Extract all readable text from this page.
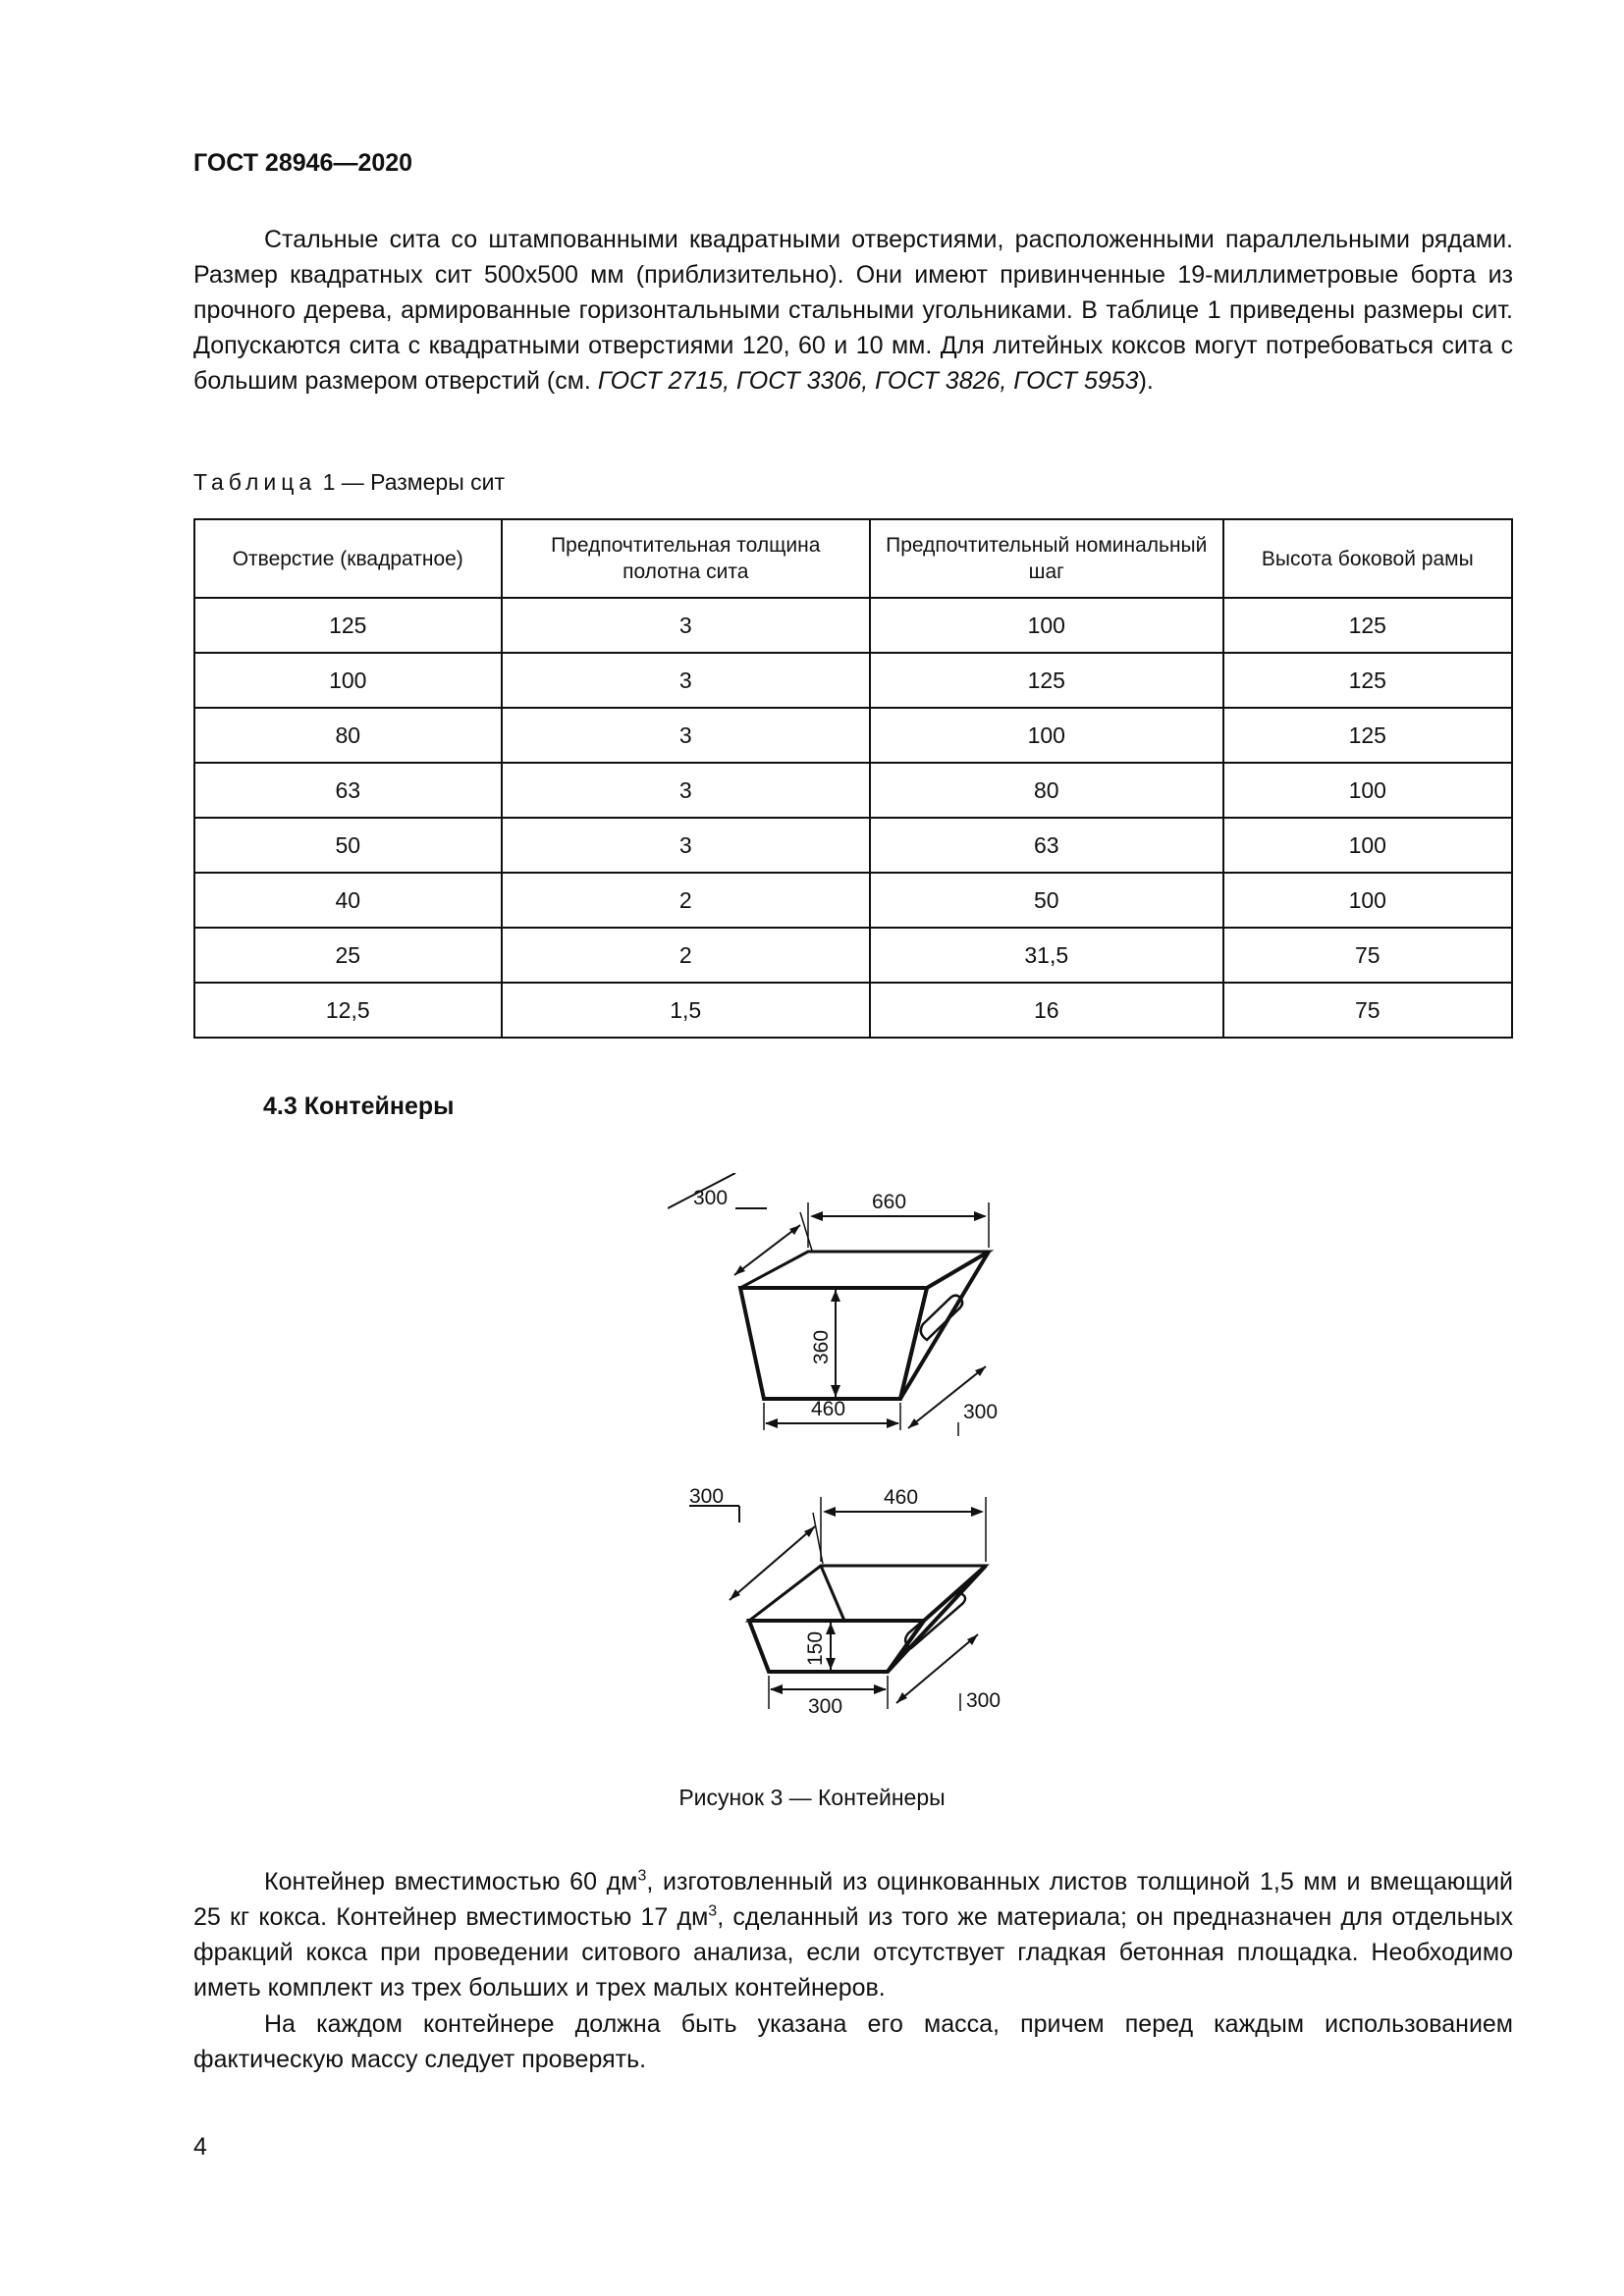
ГОСТ 28946—2020

Стальные сита со штампованными квадратными отверстиями, расположенными параллельными рядами. Размер квадратных сит 500x500 мм (приблизительно). Они имеют привинченные 19-миллиметровые борта из прочного дерева, армированные горизонтальными стальными угольниками. В таблице 1 приведены размеры сит. Допускаются сита с квадратными отверстиями 120, 60 и 10 мм. Для литейных коксов могут потребоваться сита с большим размером отверстий (см. ГОСТ 2715, ГОСТ 3306, ГОСТ 3826, ГОСТ 5953).

Таблица 1 — Размеры сит
Отверстие (квадратное)	Предпочтительная толщина полотна сита	Предпочтительный номинальный шаг	Высота боковой рамы
125	3	100	125
100	3	125	125
80	3	100	125
63	3	80	100
50	3	63	100
40	2	50	100
25	2	31,5	75
12,5	1,5	16	75
4.3 Контейнеры
300	660
360
460	300
300	460
150
300	300
Рисунок 3 — Контейнеры

Контейнер вместимостью 60 $дм^3$, изготовленный из оцинкованных листов толщиной 1,5 мм и вмещающий 25 кг кокса. Контейнер вместимостью 17 $дм^3$, сделанный из того же материала; он предназначен для отдельных фракций кокса при проведении ситового анализа, если отсутствует гладкая бетонная площадка. Необходимо иметь комплект из трех больших и трех малых контейнеров.

На каждом контейнере должна быть указана его масса, причем перед каждым использованием фактическую массу следует проверять.

4
